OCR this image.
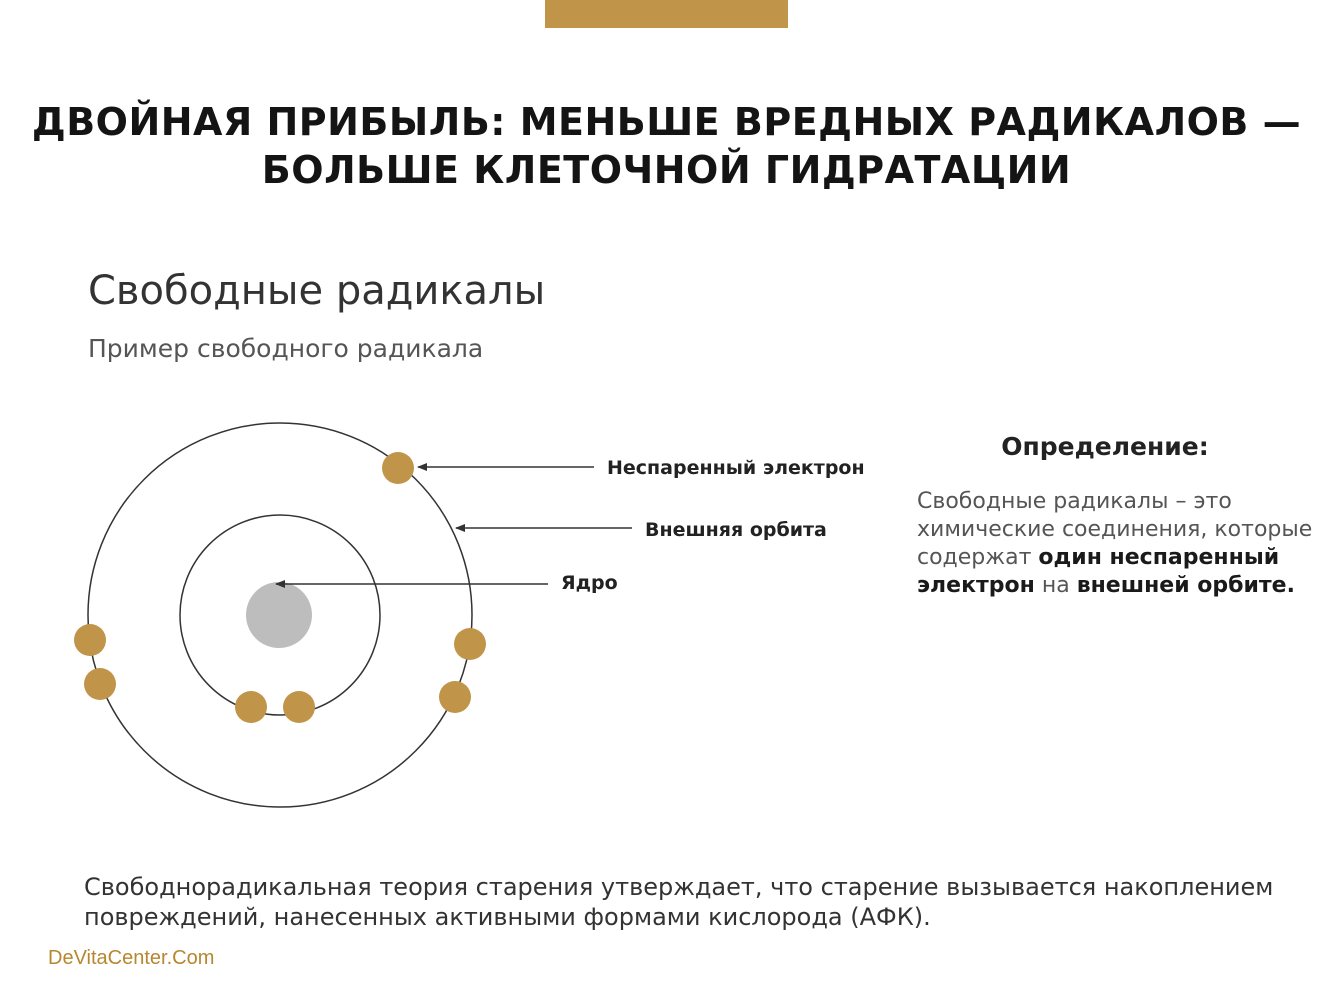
ДВОЙНАЯ ПРИБЫЛЬ: МЕНЬШЕ ВРЕДНЫХ РАДИКАЛОВ —
БОЛЬШЕ КЛЕТОЧНОЙ ГИДРАТАЦИИ
Свободные радикалы

Пример свободного радикала

Неспаренный электрон
Внешняя орбита
Ядро
Определение:

Свободные радикалы – это химические соединения, которые содержат один неспаренный электрон на внешней орбите.

Свободнорадикальная теория старения утверждает, что старение вызывается накоплением повреждений, нанесенных активными формами кислорода (АФК).

DeVitaCenter.Com
